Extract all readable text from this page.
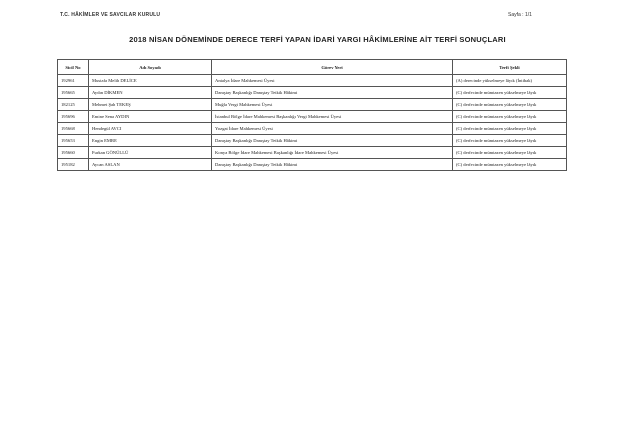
T.C. HÂKİMLER VE SAVCILAR KURULU	Sayfa : 1/1
2018 NİSAN DÖNEMİNDE DERECE TERFİ YAPAN İDARİ YARGI HÂKİMLERİNE AİT TERFİ SONUÇLARI
Sicil No	Adı Soyadı	Görev Yeri	Terfi Şekli
192961	Mustafa Melih DELİCE	Antalya İdare Mahkemesi Üyesi	(A) derecinde yükselmeye lâyık (İntibak)
195665	Aydın DİKMEN	Danıştay Başkanlığı Danıştay Tetkik Hâkimi	(C) derfecinde mümtazen yükselmeye lâyık
182125	Mehmet Şah TEKEŞ	Muğla Vergi Mahkemesi Üyesi	(C) derfecinde mümtazen yükselmeye lâyık
195696	Emine Sena AYDIN	İstanbul Bölge İdare Mahkemesi Başkanlığı Vergi Mahkemesi Üyesi	(C) derfecinde mümtazen yükselmeye lâyık
195668	Hendegül AVCI	Yozgat İdare Mahkemesi Üyesi	(C) derfecinde mümtazen yükselmeye lâyık
195653	Engin EMRE	Danıştay Başkanlığı Danıştay Tetkik Hâkimi	(C) derfecinde mümtazen yükselmeye lâyık
195660	Furkan GÖNÜLLÜ	Konya Bölge İdare Mahkemesi Başkanlığı İdare Mahkemesi Üyesi	(C) derfecinde mümtazen yükselmeye lâyık
195182	Aycan ASLAN	Danıştay Başkanlığı Danıştay Tetkik Hâkimi	(C) derfecinde mümtazen yükselmeye lâyık
